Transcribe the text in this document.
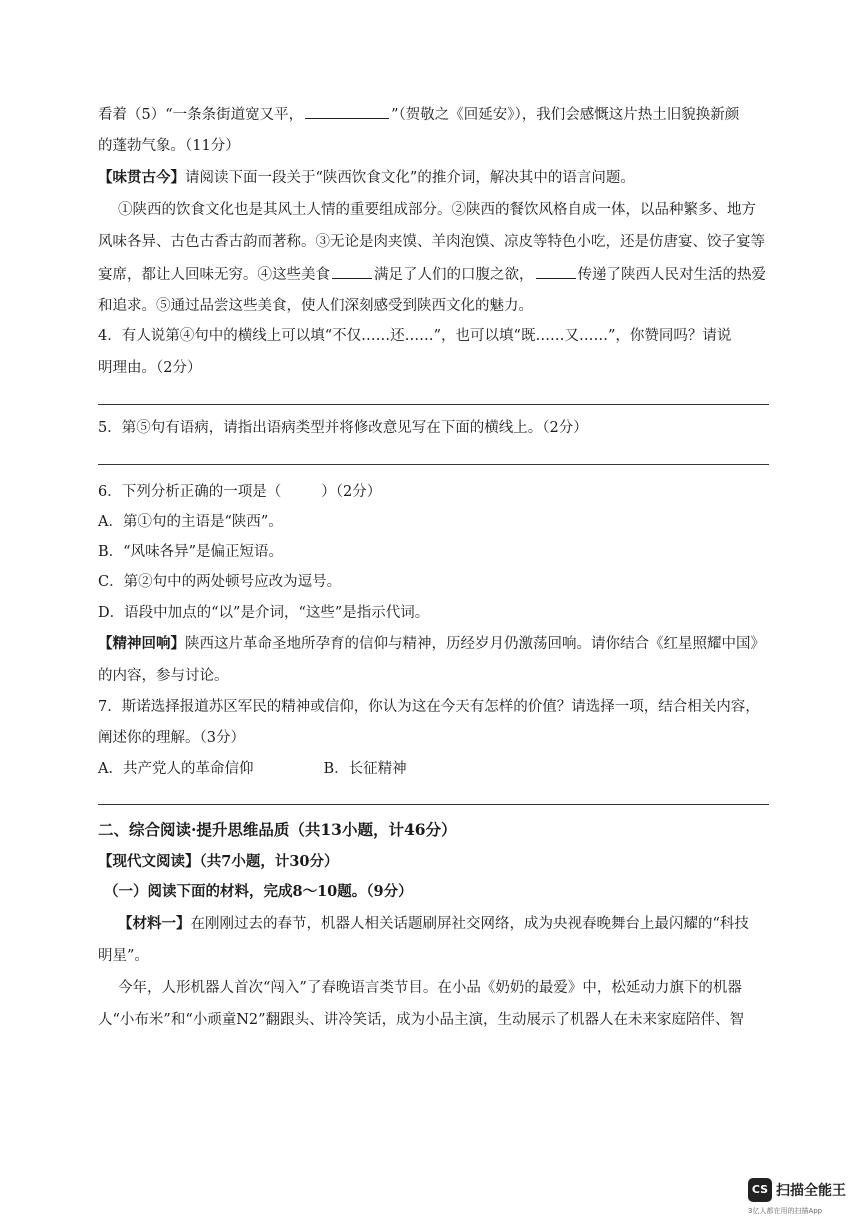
看着（5）“一条条街道宽又平，	”（贺敬之《回延安》），我们会感慨这片热土旧貌换新颜
的蓬勃气象。（11分）
【味贯古今】请阅读下面一段关于“陕西饮食文化”的推介词，解决其中的语言问题。
①陕西的饮食文化也是其风土人情的重要组成部分。②陕西的餐饮风格自成一体，以品种繁多、地方
风味各异、古色古香古韵而著称。③无论是肉夹馍、羊肉泡馍、凉皮等特色小吃，还是仿唐宴、饺子宴等
宴席，都让人回味无穷。④这些美食	满足了人们的口腹之欲，	传递了陕西人民对生活的热爱
和追求。⑤通过品尝这些美食，使人们深刻感受到陕西文化的魅力。
4．有人说第④句中的横线上可以填“不仅……还……”，也可以填“既……又……”，你赞同吗？请说
明理由。（2分）
5．第⑤句有语病，请指出语病类型并将修改意见写在下面的横线上。（2分）
6．下列分析正确的一项是（	）（2分）
A．第①句的主语是“陕西”。
B．“风味各异”是偏正短语。
C．第②句中的两处顿号应改为逗号。
D．语段中加点的“以”是介词，“这些”是指示代词。
【精神回响】陕西这片革命圣地所孕育的信仰与精神，历经岁月仍激荡回响。请你结合《红星照耀中国》
的内容，参与讨论。
7．斯诺选择报道苏区军民的精神或信仰，你认为这在今天有怎样的价值？请选择一项，结合相关内容，
阐述你的理解。（3分）
A．共产党人的革命信仰	B．长征精神
二、综合阅读·提升思维品质（共13小题，计46分）
【现代文阅读】（共7小题，计30分）
（一）阅读下面的材料，完成8～10题。（9分）
【材料一】在刚刚过去的春节，机器人相关话题刷屏社交网络，成为央视春晚舞台上最闪耀的“科技
明星”。
今年，人形机器人首次“闯入”了春晚语言类节目。在小品《奶奶的最爱》中，松延动力旗下的机器
人“小布米”和“小顽童N2”翻跟头、讲冷笑话，成为小品主演，生动展示了机器人在未来家庭陪伴、智
CS 扫描全能王
3亿人都在用的扫描App
